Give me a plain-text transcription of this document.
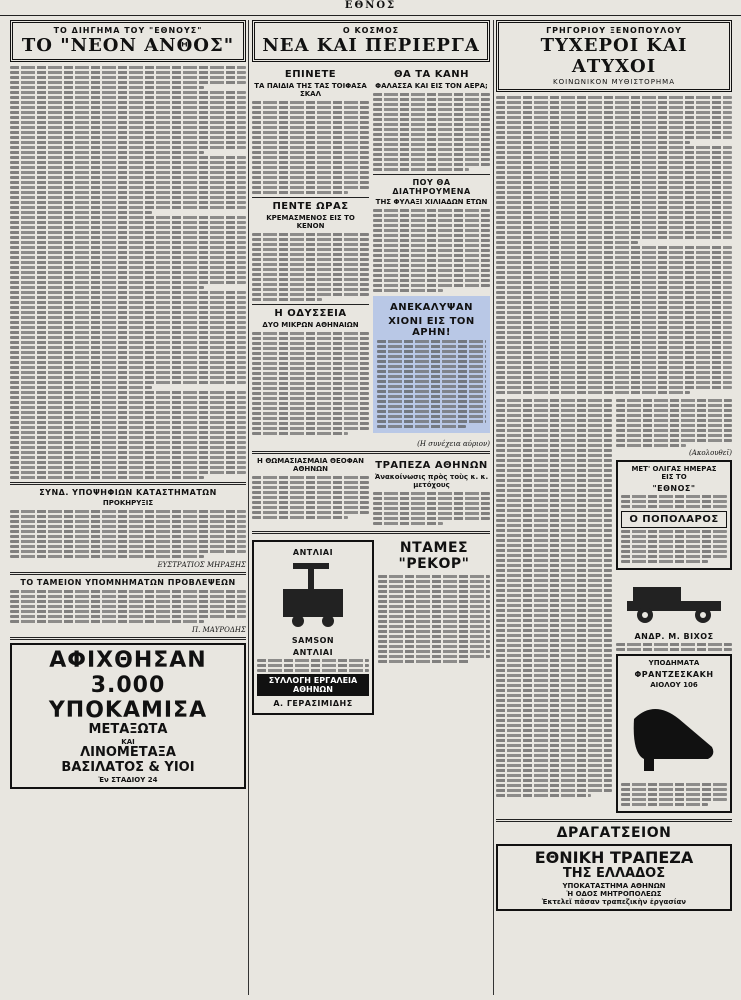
ΕΘΝΟΣ
ΤΟ ΔΙΗΓΗΜΑ ΤΟΥ "ΕΘΝΟΥΣ"
ΤΟ "ΝΕΟΝ ΑΝΘΟΣ"
ΣΥΝΔ. ΥΠΟΨΗΦΙΩΝ ΚΑΤΑΣΤΗΜΑΤΩΝ
ΠΡΟΚΗΡΥΞΙΣ
ΕΥΣΤΡΑΤΙΟΣ ΜΗΡΑΞΗΣ
ΤΟ ΤΑΜΕΙΟΝ ΥΠΟΜΝΗΜΑΤΩΝ ΠΡΟΒΛΕΨΕΩΝ
Π. ΜΑΥΡΟΔΗΣ
ΑΦΙΧΘΗΣΑΝ
3.000
ΥΠΟΚΑΜΙΣΑ
ΜΕΤΑΞΩΤΑ
ΚΑΙ
ΛΙΝΟΜΕΤΑΞΑ
ΒΑΣΙΛΑΤΟΣ & ΥΙΟΙ
Ἐν ΣΤΑΔΙΟΥ 24
Ο ΚΟΣΜΟΣ
ΝΕΑ ΚΑΙ ΠΕΡΙΕΡΓΑ
ΕΠΙΝΕΤΕ
ΤΑ ΠΑΙΔΙΑ ΤΗΣ ΤΑΣ ΤΟΙΦΑΣΑ ΣΚΑΛ
ΠΕΝΤΕ ΩΡΑΣ
ΚΡΕΜΑΣΜΕΝΟΣ ΕΙΣ ΤΟ ΚΕΝΟΝ
Η ΟΔΥΣΣΕΙΑ
ΔΥΟ ΜΙΚΡΩΝ ΑΘΗΝΑΙΩΝ
ΘΑ ΤΑ ΚΑΝΗ
ΦΑΛΑΣΣΑ ΚΑΙ ΕΙΣ ΤΟΝ ΑΕΡΑ;
ΠΟΥ ΘΑ ΔΙΑΤΗΡΟΥΜΕΝΑ
ΤΗΣ ΦΥΛΑΞΙ ΧΙΛΙΑΔΩΝ ΕΤΩΝ
ΑΝΕΚΑΛΥΨΑΝ
ΧΙΟΝΙ ΕΙΣ ΤΟΝ ΑΡΗΝ!
(Η συνέχεια αύριον)
Η ΘΩΜΑΣΙΑΣΜΑΙΑ ΘΕΟΦΑΝ ΑΘΗΝΩΝ	ΤΡΑΠΕΖΑ ΑΘΗΝΩΝ
Ἀνακοίνωσις πρὸς τοὺς κ. κ. μετόχους
ΑΝΤΛΙΑΙ
SAMSON
ΑΝΤΛΙΑΙ
ΣΥΛΛΟΓΗ ΕΡΓΑΛΕΙΑ ΑΘΗΝΩΝ
Α. ΓΕΡΑΣΙΜΙΔΗΣ
ΝΤΑΜΕΣ "ΡΕΚΟΡ"
ΓΡΗΓΟΡΙΟΥ ΞΕΝΟΠΟΥΛΟΥ
ΤΥΧΕΡΟΙ ΚΑΙ ΑΤΥΧΟΙ
ΚΟΙΝΩΝΙΚΟΝ ΜΥΘΙΣΤΟΡΗΜΑ
(Ακολουθεῖ)
ΜΕΤ' ΟΛΙΓΑΣ ΗΜΕΡΑΣ
ΕΙΣ ΤΟ
"ΕΘΝΟΣ"
Ο ΠΟΠΟΛΑΡΟΣ
ΑΝΔΡ. Μ. ΒΙΧΟΣ
ΥΠΟΔΗΜΑΤΑ
ΦΡΑΝΤΖΕΣΚΑΚΗ
ΑΙΟΛΟΥ 106
ΔΡΑΓΑΤΣΕΙΟΝ
ΕΘΝΙΚΗ ΤΡΑΠΕΖΑ
ΤΗΣ ΕΛΛΑΔΟΣ
ΥΠΟΚΑΤΑΣΤΗΜΑ ΑΘΗΝΩΝ
Ἡ ΟΔΟΣ ΜΗΤΡΟΠΟΛΕΩΣ
Ἐκτελεῖ πᾶσαν τραπεζικὴν ἐργασίαν
